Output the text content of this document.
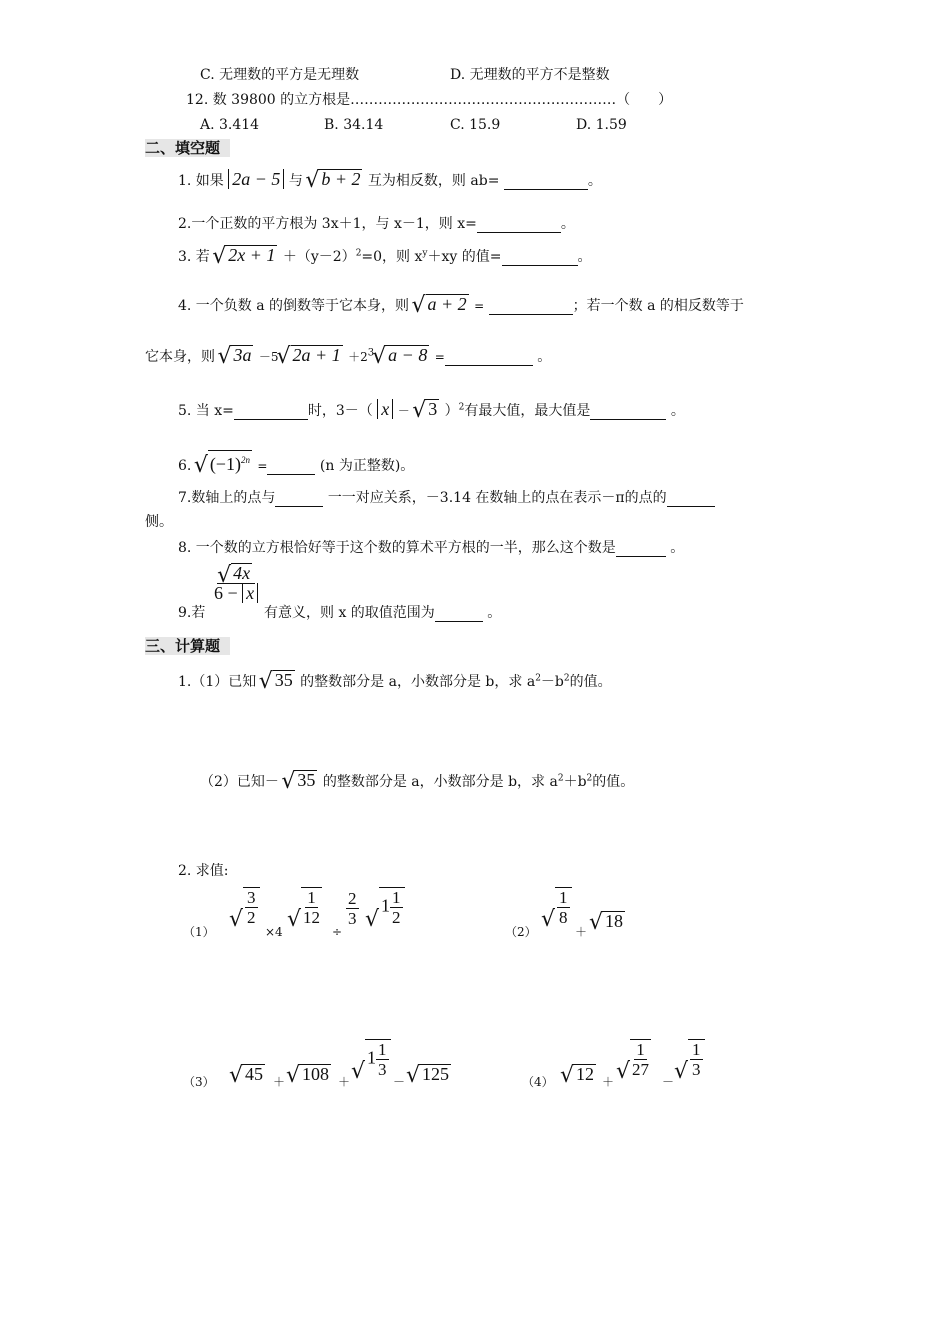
C. 无理数的平方是无理数	D. 无理数的平方不是整数
12. 数 39800 的立方根是…………………………………………………（　　）
A. 3.414	B. 34.14	C. 15.9	D. 1.59
二、填空题
1. 如果 2a − 5 与 √ b + 2 互为相反数，则 ab=	。
2.一个正数的平方根为 3x＋1，与 x－1，则 x=	。
3. 若 √ $2x + 1 +(y-2)^2=0$，则 $x^y+xy$ 的值=	。
4. 一个负数 a 的倒数等于它本身，则 √ a + 2 =	；若一个数 a 的相反数等于
它本身，则 √ 3a －5√ $2a + 1 +2^3√$ a − 8 =	。
5. 当 x=	时，3－（ x － √ 3 ）$^2$有最大值，最大值是	。
6. √ $(-1)^{2n}$ =	(n 为正整数)。
7.数轴上的点与	一一对应关系，－3.14 在数轴上的点在表示－π的点的
侧。
8. 一个数的立方根恰好等于这个数的算术平方根的一半，那么这个数是	。
9.若
√ $\frac{4x}{6 - x}$
有意义，则 x 的取值范围为	。
三、计算题
1.（1）已知 √ 35 的整数部分是 a，小数部分是 b，求 $a^2-b^2$的值。
（2）已知－ √ 35 的整数部分是 a，小数部分是 b，求 $a^2+b^2$的值。
2. 求值:
（1）
√ $\frac{3}{2}$
×4
√ $\frac{1}{12}$
÷
$\frac{2}{3}$
√	$1 \frac{1}{2}$
（2）
√ $\frac{1}{8}$
＋
√ 18
（3）
√	45 ＋
√ 108 ＋
√ $1 \frac{1}{3}$
－
√ 125	（4）
√	12 ＋
√ $\frac{1}{27}$
－
√ $\frac{1}{3}$
